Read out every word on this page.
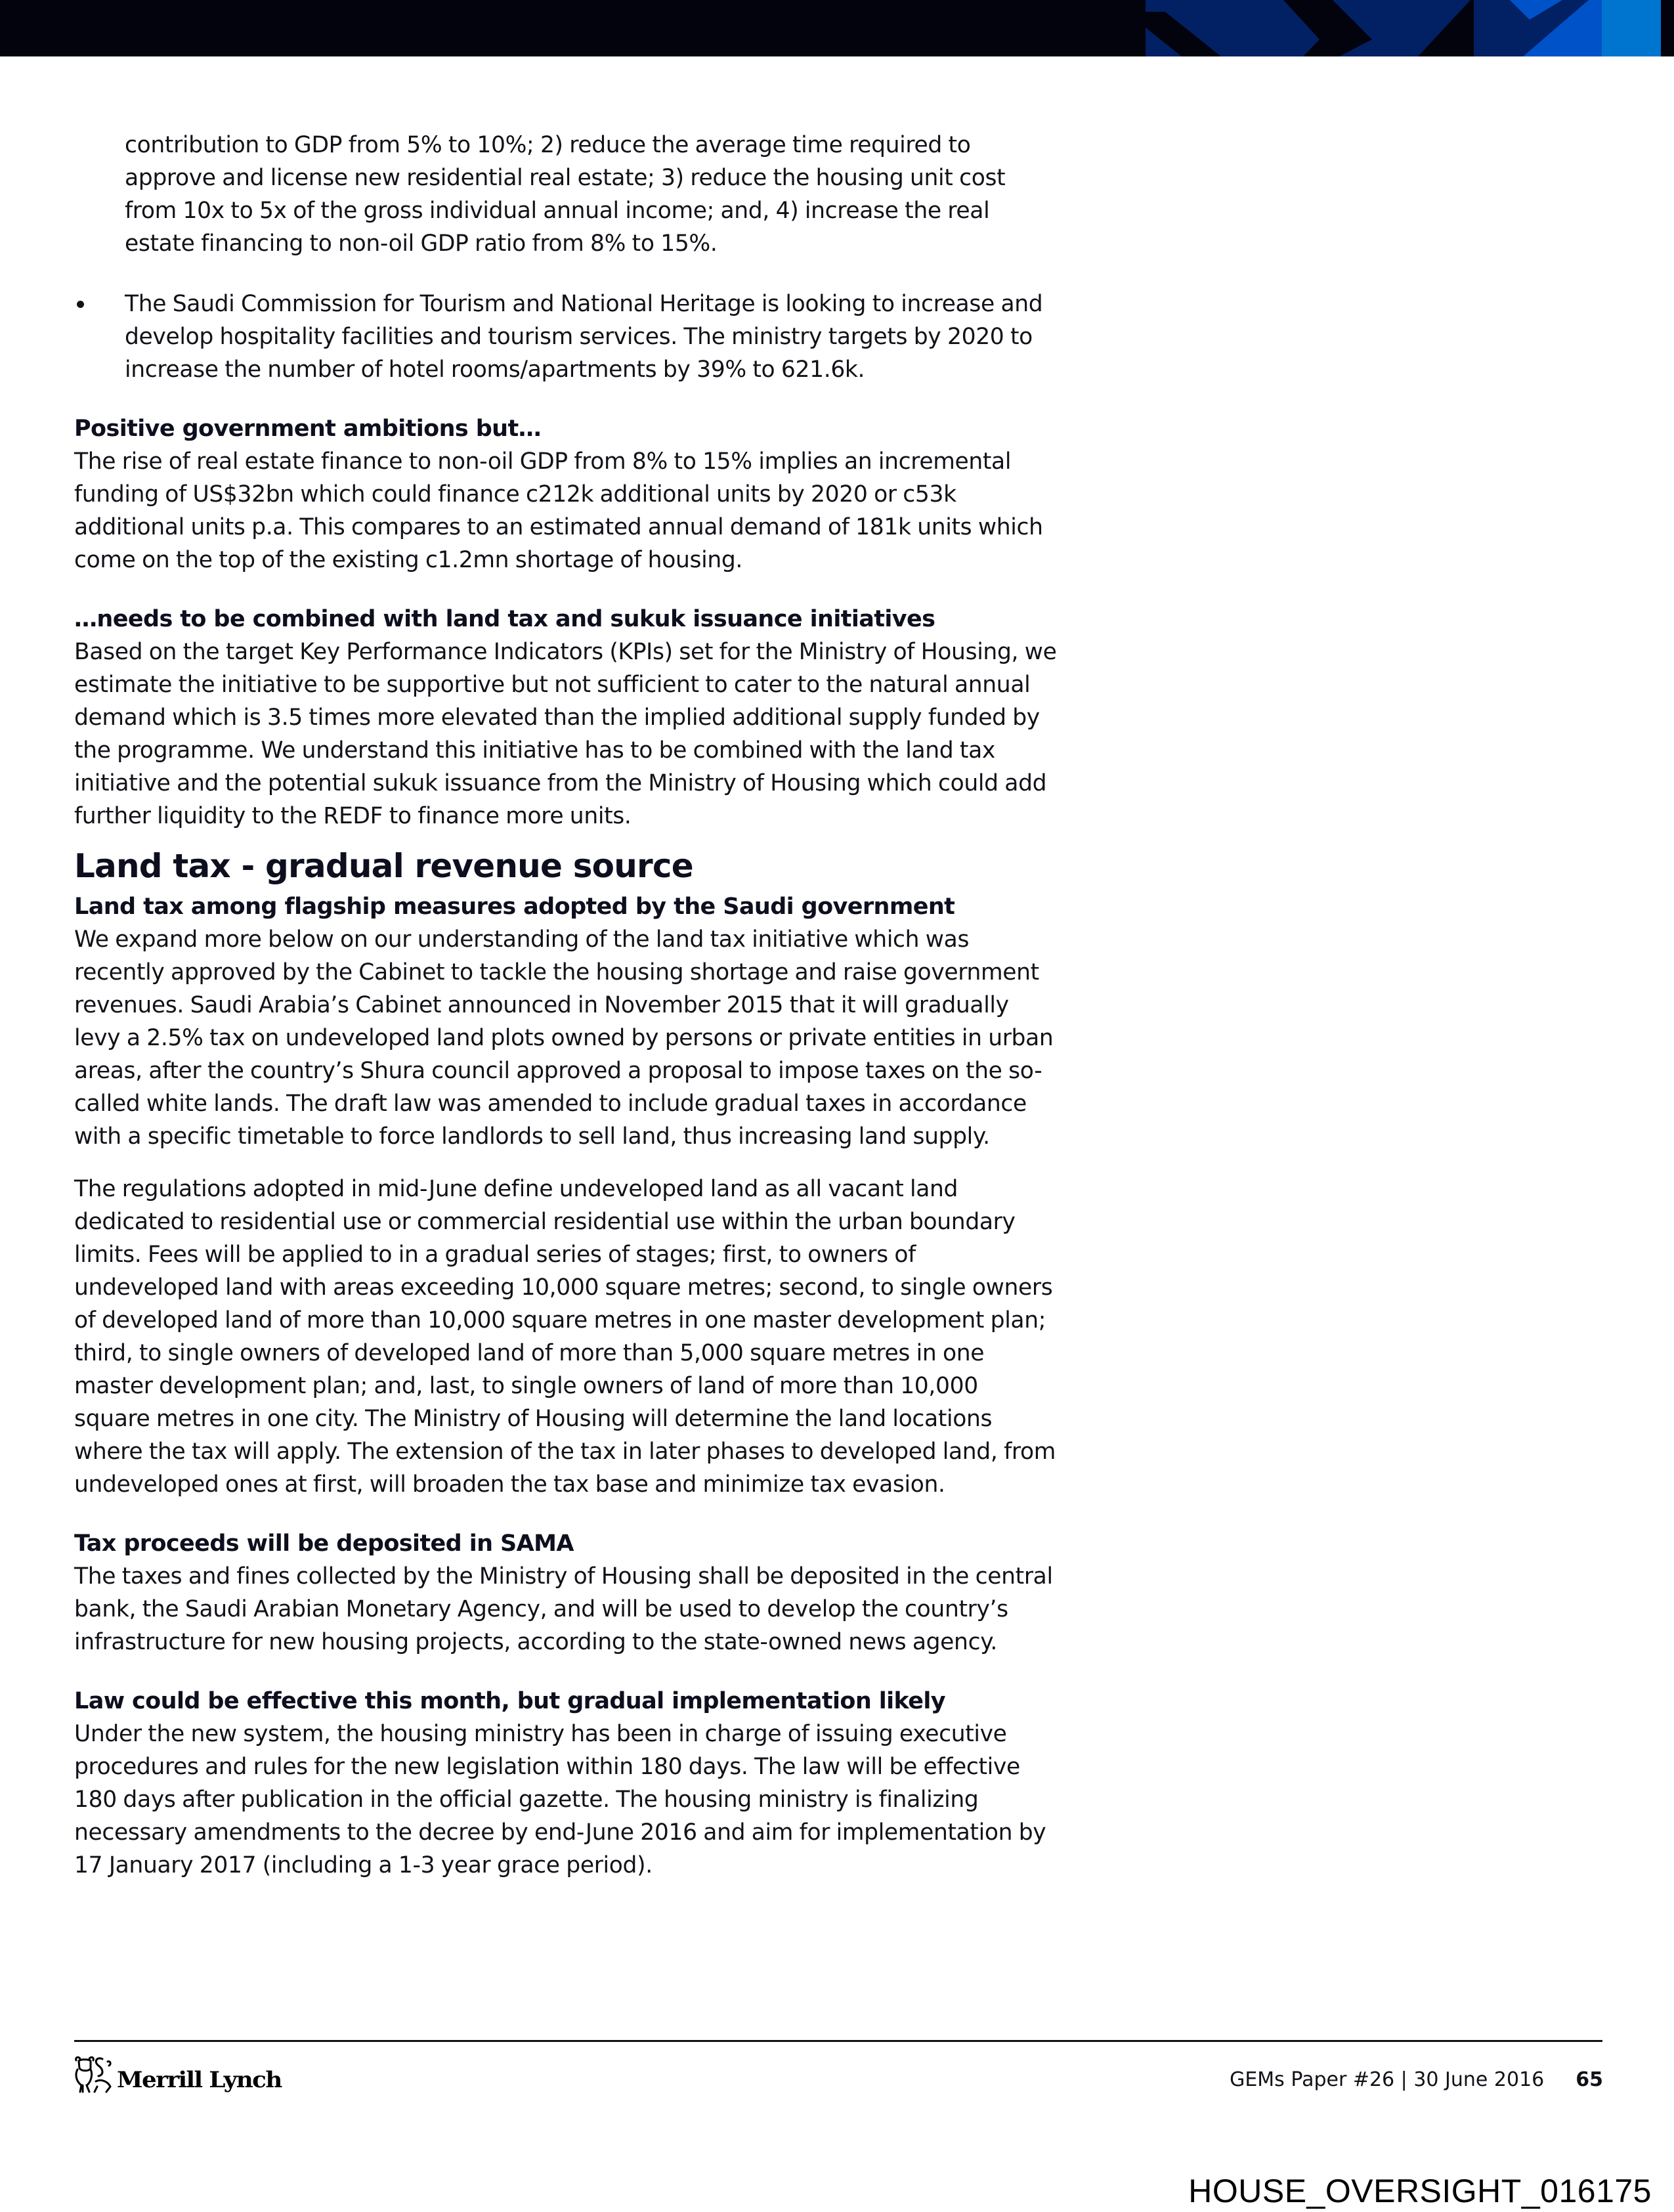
contribution to GDP from 5% to 10%; 2) reduce the average time required to approve and license new residential real estate; 3) reduce the housing unit cost from 10x to 5x of the gross individual annual income; and, 4) increase the real estate financing to non-oil GDP ratio from 8% to 15%.

The Saudi Commission for Tourism and National Heritage is looking to increase and develop hospitality facilities and tourism services. The ministry targets by 2020 to increase the number of hotel rooms/apartments by 39% to 621.6k.

Positive government ambitions but…

The rise of real estate finance to non-oil GDP from 8% to 15% implies an incremental funding of US$32bn which could finance c212k additional units by 2020 or c53k additional units p.a. This compares to an estimated annual demand of 181k units which come on the top of the existing c1.2mn shortage of housing.

…needs to be combined with land tax and sukuk issuance initiatives

Based on the target Key Performance Indicators (KPIs) set for the Ministry of Housing, we estimate the initiative to be supportive but not sufficient to cater to the natural annual demand which is 3.5 times more elevated than the implied additional supply funded by the programme. We understand this initiative has to be combined with the land tax initiative and the potential sukuk issuance from the Ministry of Housing which could add further liquidity to the REDF to finance more units.

Land tax - gradual revenue source
Land tax among flagship measures adopted by the Saudi government

We expand more below on our understanding of the land tax initiative which was recently approved by the Cabinet to tackle the housing shortage and raise government revenues. Saudi Arabia’s Cabinet announced in November 2015 that it will gradually levy a 2.5% tax on undeveloped land plots owned by persons or private entities in urban areas, after the country’s Shura council approved a proposal to impose taxes on the so-called white lands. The draft law was amended to include gradual taxes in accordance with a specific timetable to force landlords to sell land, thus increasing land supply.

The regulations adopted in mid-June define undeveloped land as all vacant land dedicated to residential use or commercial residential use within the urban boundary limits. Fees will be applied to in a gradual series of stages; first, to owners of undeveloped land with areas exceeding 10,000 square metres; second, to single owners of developed land of more than 10,000 square metres in one master development plan; third, to single owners of developed land of more than 5,000 square metres in one master development plan; and, last, to single owners of land of more than 10,000 square metres in one city. The Ministry of Housing will determine the land locations where the tax will apply. The extension of the tax in later phases to developed land, from undeveloped ones at first, will broaden the tax base and minimize tax evasion.

Tax proceeds will be deposited in SAMA

The taxes and fines collected by the Ministry of Housing shall be deposited in the central bank, the Saudi Arabian Monetary Agency, and will be used to develop the country’s infrastructure for new housing projects, according to the state-owned news agency.

Law could be effective this month, but gradual implementation likely

Under the new system, the housing ministry has been in charge of issuing executive procedures and rules for the new legislation within 180 days. The law will be effective 180 days after publication in the official gazette. The housing ministry is finalizing necessary amendments to the decree by end-June 2016 and aim for implementation by 17 January 2017 (including a 1-3 year grace period).

Merrill Lynch	GEMs Paper #26 | 30 June 2016 65
HOUSE_OVERSIGHT_016175
